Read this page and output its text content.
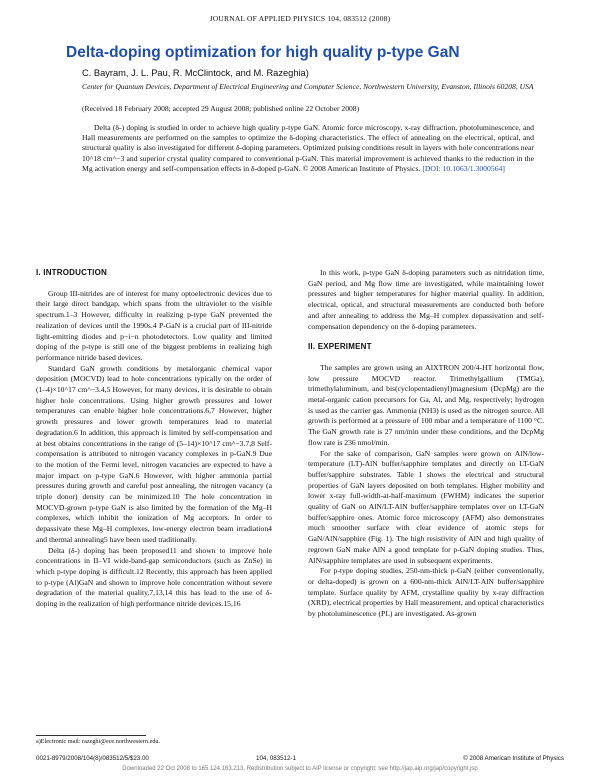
JOURNAL OF APPLIED PHYSICS 104, 083512 (2008)
Delta-doping optimization for high quality p-type GaN
C. Bayram, J. L. Pau, R. McClintock, and M. Razeghia)
Center for Quantum Devices, Department of Electrical Engineering and Computer Science, Northwestern University, Evanston, Illinois 60208, USA
(Received 18 February 2008; accepted 29 August 2008; published online 22 October 2008)
Delta (δ-) doping is studied in order to achieve high quality p-type GaN. Atomic force microscopy, x-ray diffraction, photoluminescence, and Hall measurements are performed on the samples to optimize the δ-doping characteristics. The effect of annealing on the electrical, optical, and structural quality is also investigated for different δ-doping parameters. Optimized pulsing conditions result in layers with hole concentrations near 10^18 cm^−3 and superior crystal quality compared to conventional p-GaN. This material improvement is achieved thanks to the reduction in the Mg activation energy and self-compensation effects in δ-doped p-GaN. © 2008 American Institute of Physics. [DOI: 10.1063/1.3000564]
I. INTRODUCTION

Group III-nitrides are of interest for many optoelectronic devices due to their large direct bandgap, which spans from the ultraviolet to the visible spectrum.1–3 However, difficulty in realizing p-type GaN prevented the realization of devices until the 1990s.4 P-GaN is a crucial part of III-nitride light-emitting diodes and p−i−n photodetectors. Low quality and limited doping of the p-type is still one of the biggest problems in realizing high performance nitride based devices.

Standard GaN growth conditions by metalorganic chemical vapor deposition (MOCVD) lead to hole concentrations typically on the order of (1–4)×10^17 cm^−3.4,5 However, for many devices, it is desirable to obtain higher hole concentrations. Using higher growth pressures and lower temperatures can enable higher hole concentrations.6,7 However, higher growth pressures and lower growth temperatures lead to material degradation.6 In addition, this approach is limited by self-compensation and at best obtains concentrations in the range of (5–14)×10^17 cm^−3.7,8 Self-compensation is attributed to nitrogen vacancy complexes in p-GaN.9 Due to the motion of the Fermi level, nitrogen vacancies are expected to have a major impact on p-type GaN.6 However, with higher ammonia partial pressures during growth and careful post annealing, the nitrogen vacancy (a triple donor) density can be minimized.10 The hole concentration in MOCVD-grown p-type GaN is also limited by the formation of the Mg–H complexes, which inhibit the ionization of Mg acceptors. In order to depassivate these Mg–H complexes, low-energy electron beam irradiation4 and thermal annealing5 have been used traditionally.

Delta (δ-) doping has been proposed11 and shown to improve hole concentrations in II–VI wide-band-gap semiconductors (such as ZnSe) in which p-type doping is difficult.12 Recently, this approach has been applied to p-type (Al)GaN and shown to improve hole concentration without severe degradation of the material quality,7,13,14 this has lead to the use of δ-doping in the realization of high performance nitride devices.15,16

In this work, p-type GaN δ-doping parameters such as nitridation time, GaN period, and Mg flow time are investigated, while maintaining lower pressures and higher temperatures for higher material quality. In addition, electrical, optical, and structural measurements are conducted both before and after annealing to address the Mg–H complex depassivation and self-compensation dependency on the δ-doping parameters.

II. EXPERIMENT

The samples are grown using an AIXTRON 200/4-HT horizontal flow, low pressure MOCVD reactor. Trimethylgallium (TMGa), trimethylaluminum, and bis(cyclopentadienyl)magnesium (DcpMg) are the metal-organic cation precursors for Ga, Al, and Mg, respectively; hydrogen is used as the carrier gas. Ammonia (NH3) is used as the nitrogen source. All growth is performed at a pressure of 100 mbar and a temperature of 1100 °C. The GaN growth rate is 27 nm/min under these conditions, and the DcpMg flow rate is 236 nmol/min.

For the sake of comparison, GaN samples were grown on AlN/low-temperature (LT)-AlN buffer/sapphire templates and directly on LT-GaN buffer/sapphire substrates. Table I shows the electrical and structural properties of GaN layers deposited on both templates. Higher mobility and lower x-ray full-width-at-half-maximum (FWHM) indicates the superior quality of GaN on AlN/LT-AlN buffer/sapphire templates over on LT-GaN buffer/sapphire ones. Atomic force microscopy (AFM) also demonstrates much smoother surface with clear evidence of atomic steps for GaN/AlN/sapphire (Fig. 1). The high resistivity of AlN and high quality of regrown GaN make AlN a good template for p-GaN doping studies. Thus, AlN/sapphire templates are used in subsequent experiments.

For p-type doping studies, 250-nm-thick p-GaN (either conventionally, or delta-doped) is grown on a 600-nm-thick AlN/LT-AlN buffer/sapphire template. Surface quality by AFM, crystalline quality by x-ray diffraction (XRD), electrical properties by Hall measurement, and optical characteristics by photoluminescence (PL) are investigated. As-grown

a)Electronic mail: razeghi@ece.northwestern.edu.
0021-8979/2008/104(8)/083512/5/$23.00	104, 083512-1	© 2008 American Institute of Physics
Downloaded 22 Oct 2008 to 165.124.163.213. Redistribution subject to AIP license or copyright; see http://jap.aip.org/jap/copyright.jsp
